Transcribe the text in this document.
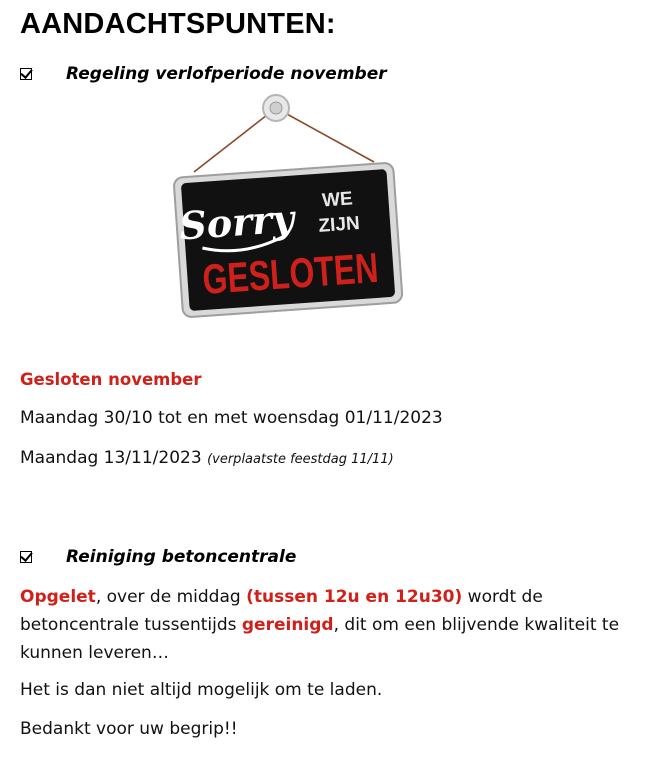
AANDACHTSPUNTEN:
Regeling verlofperiode november
Sorry WE
ZIJN
GESLOTEN
Gesloten november
Maandag 30/10 tot en met woensdag 01/11/2023
Maandag 13/11/2023 (verplaatste feestdag 11/11)
Reiniging betoncentrale
Opgelet, over de middag (tussen 12u en 12u30) wordt de betoncentrale tussentijds gereinigd, dit om een blijvende kwaliteit te kunnen leveren…
Het is dan niet altijd mogelijk om te laden.
Bedankt voor uw begrip!!
